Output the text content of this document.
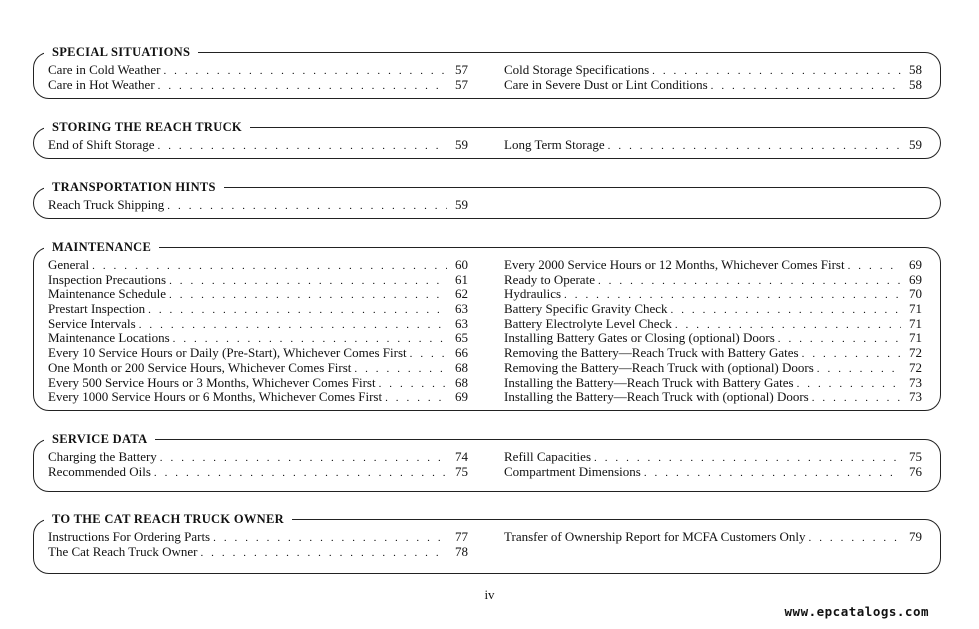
SPECIAL SITUATIONS
Care in Cold Weather . . .	57
Care in Hot Weather . . .	57
Cold Storage Specifications . . .	58
Care in Severe Dust or Lint Conditions . . .	58
STORING THE REACH TRUCK
End of Shift Storage . . .	59	Long Term Storage . . .	59
TRANSPORTATION HINTS
Reach Truck Shipping . . .	59
MAINTENANCE
General . . .	60
Inspection Precautions . . .	61
Maintenance Schedule . . .	62
Prestart Inspection . . .	63
Service Intervals . . .	63
Maintenance Locations . . .	65
Every 10 Service Hours or Daily (Pre-Start), Whichever Comes First . . .	66
One Month or 200 Service Hours, Whichever Comes First . . .	68
Every 500 Service Hours or 3 Months, Whichever Comes First . . .	68
Every 1000 Service Hours or 6 Months, Whichever Comes First . . .	69
Every 2000 Service Hours or 12 Months, Whichever Comes First . . .	69
Ready to Operate . . .	69
Hydraulics . . .	70
Battery Specific Gravity Check . . .	71
Battery Electrolyte Level Check . . .	71
Installing Battery Gates or Closing (optional) Doors . . .	71
Removing the Battery—Reach Truck with Battery Gates . . .	72
Removing the Battery—Reach Truck with (optional) Doors . . .	72
Installing the Battery—Reach Truck with Battery Gates . . .	73
Installing the Battery—Reach Truck with (optional) Doors . . .	73
SERVICE DATA
Charging the Battery . . .	74
Recommended Oils . . .	75
Refill Capacities . . .	75
Compartment Dimensions . . .	76
TO THE CAT REACH TRUCK OWNER
Instructions For Ordering Parts . . .	77
The Cat Reach Truck Owner . . .	78
Transfer of Ownership Report for MCFA Customers Only . . .	79
iv
www.epcatalogs.com
